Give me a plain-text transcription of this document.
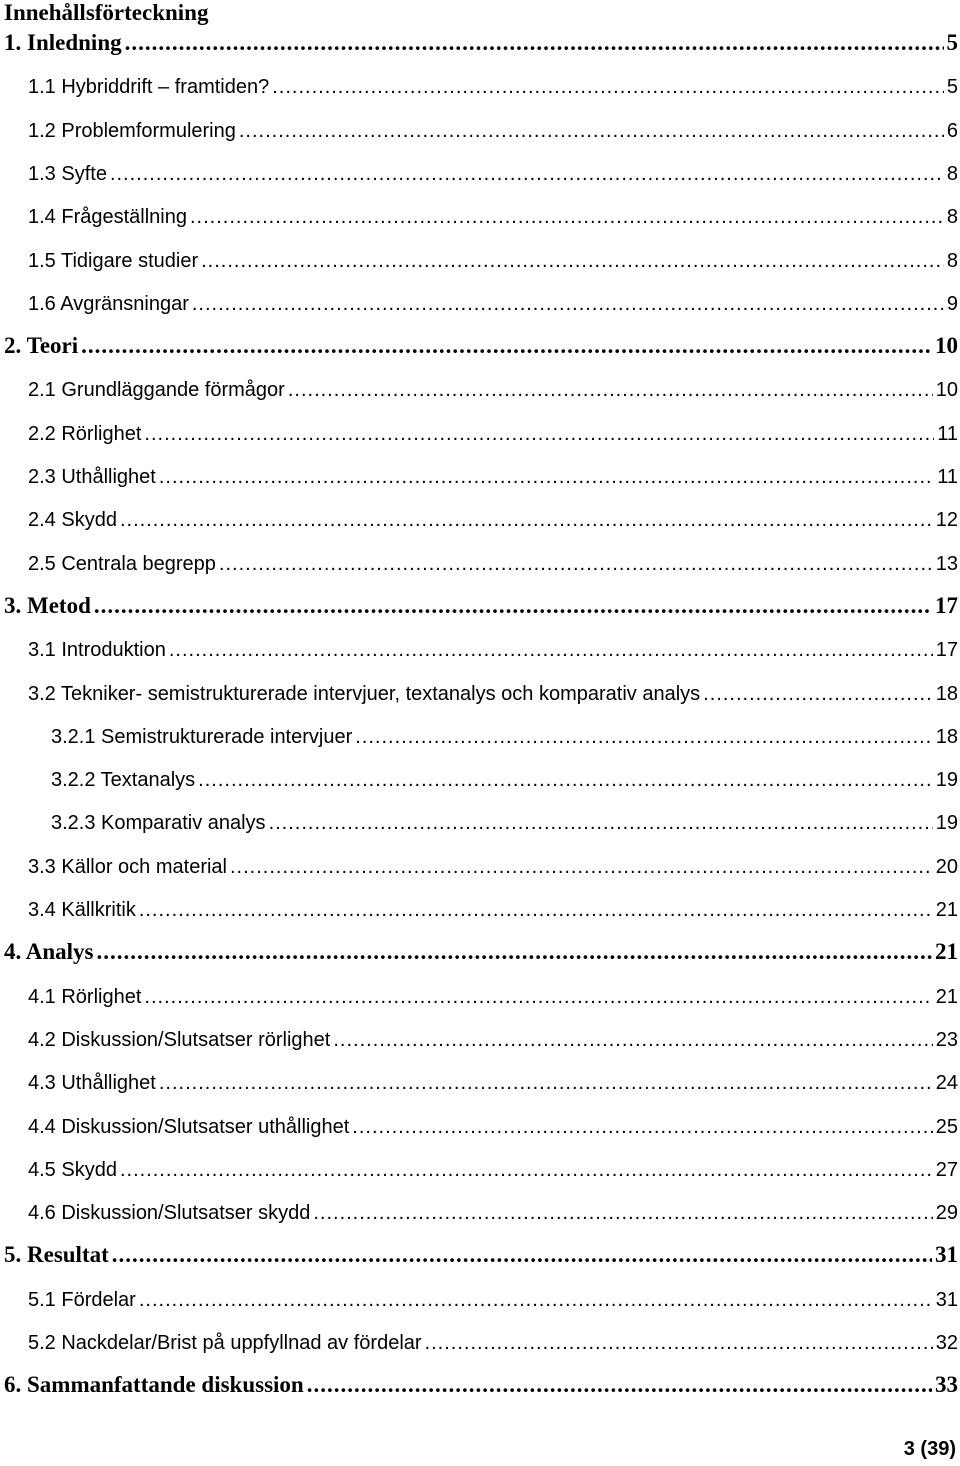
Innehållsförteckning
1. Inledning .....	5
1.1 Hybriddrift – framtiden? .....	5
1.2 Problemformulering .....	6
1.3 Syfte .....	8
1.4 Frågeställning .....	8
1.5 Tidigare studier .....	8
1.6 Avgränsningar .....	9
2. Teori .....	10
2.1 Grundläggande förmågor .....	10
2.2 Rörlighet .....	11
2.3 Uthållighet .....	11
2.4 Skydd .....	12
2.5 Centrala begrepp .....	13
3. Metod .....	17
3.1 Introduktion .....	17
3.2 Tekniker- semistrukturerade intervjuer, textanalys och komparativ analys .....	18
3.2.1 Semistrukturerade intervjuer .....	18
3.2.2 Textanalys .....	19
3.2.3 Komparativ analys .....	19
3.3 Källor och material .....	20
3.4 Källkritik .....	21
4. Analys .....	21
4.1 Rörlighet .....	21
4.2 Diskussion/Slutsatser rörlighet .....	23
4.3 Uthållighet .....	24
4.4 Diskussion/Slutsatser uthållighet .....	25
4.5 Skydd .....	27
4.6 Diskussion/Slutsatser skydd .....	29
5. Resultat .....	31
5.1 Fördelar .....	31
5.2 Nackdelar/Brist på uppfyllnad av fördelar .....	32
6. Sammanfattande diskussion .....	33
3 (39)
